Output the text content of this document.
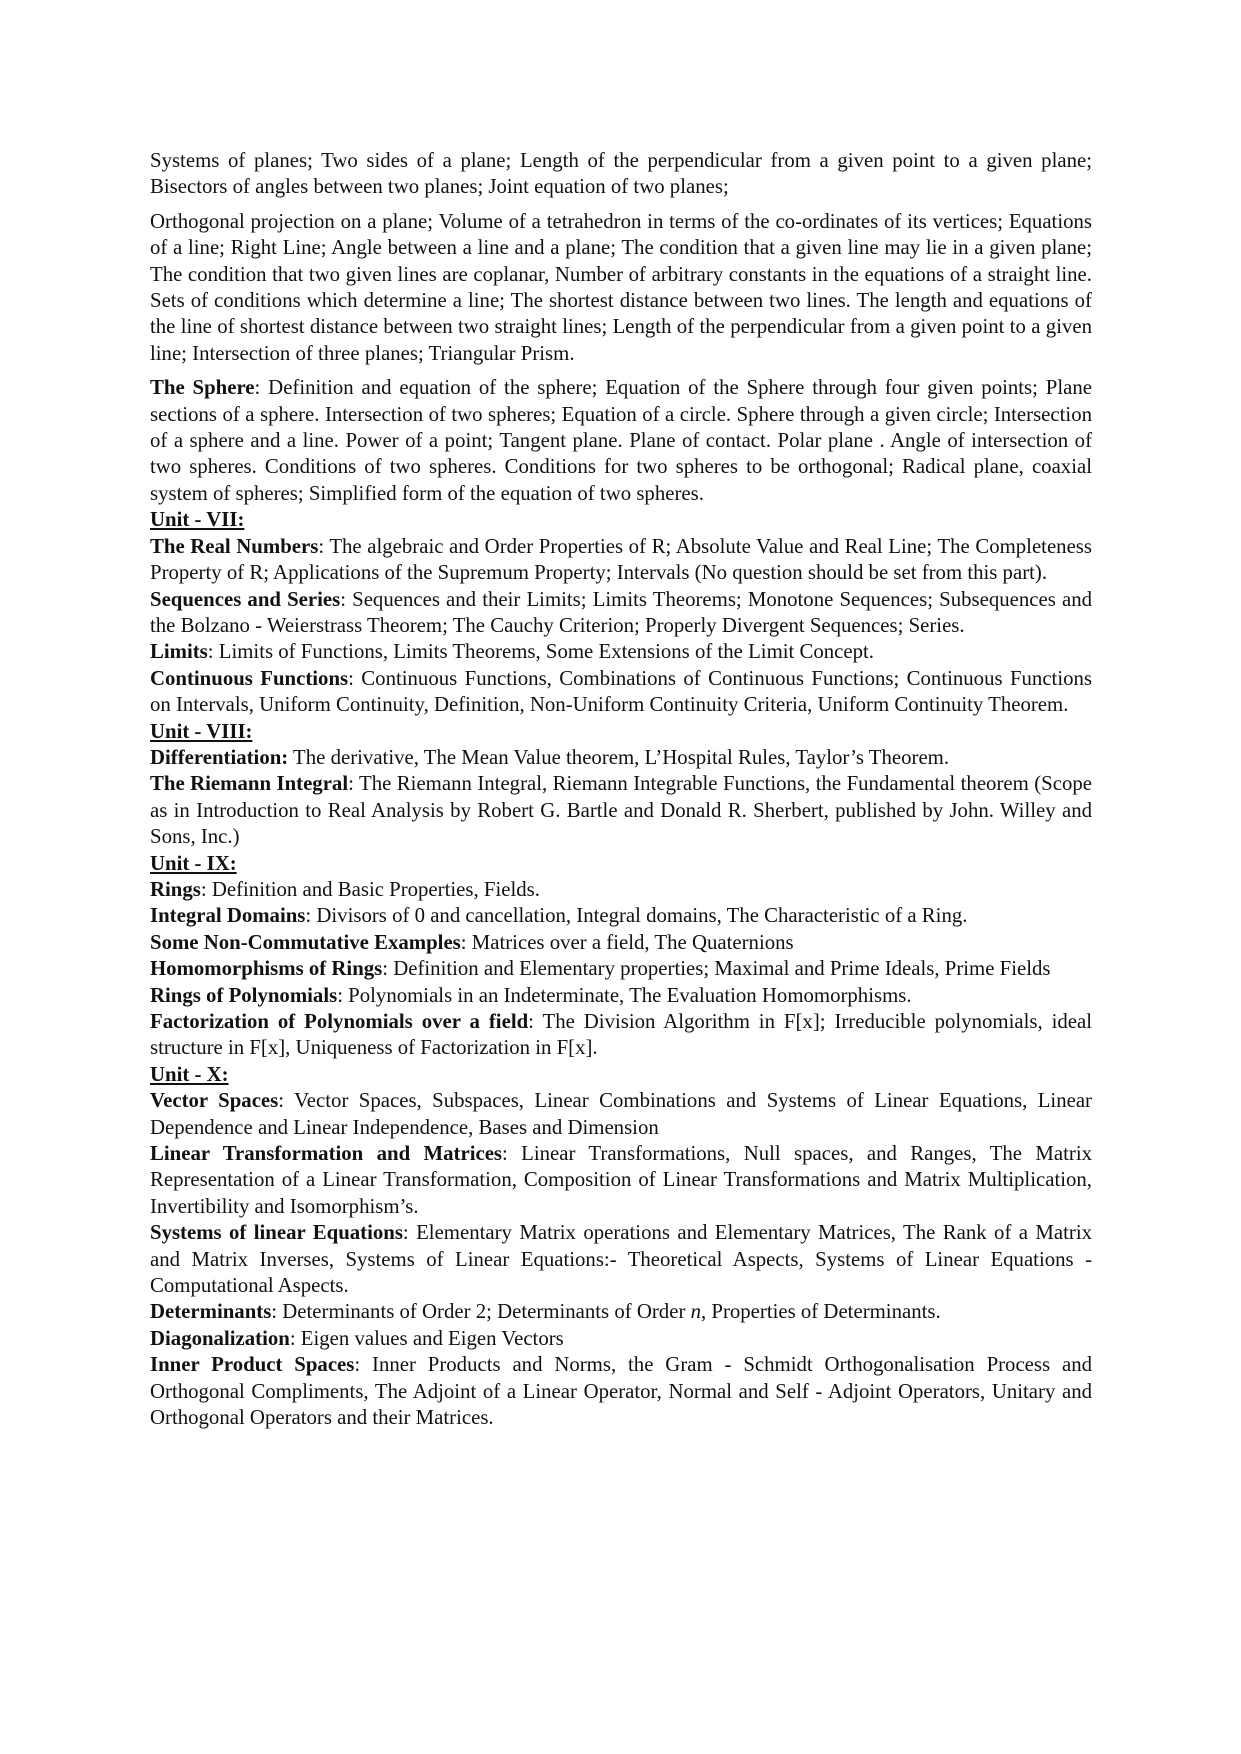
Systems of planes; Two sides of a plane; Length of the perpendicular from a given point to a given plane; Bisectors of angles between two planes; Joint equation of two planes;

Orthogonal projection on a plane; Volume of a tetrahedron in terms of the co-ordinates of its vertices; Equations of a line; Right Line; Angle between a line and a plane; The condition that a given line may lie in a given plane; The condition that two given lines are coplanar, Number of arbitrary constants in the equations of a straight line. Sets of conditions which determine a line; The shortest distance between two lines. The length and equations of the line of shortest distance between two straight lines; Length of the perpendicular from a given point to a given line; Intersection of three planes; Triangular Prism.

The Sphere: Definition and equation of the sphere; Equation of the Sphere through four given points; Plane sections of a sphere. Intersection of two spheres; Equation of a circle. Sphere through a given circle; Intersection of a sphere and a line. Power of a point; Tangent plane. Plane of contact. Polar plane . Angle of intersection of two spheres. Conditions of two spheres. Conditions for two spheres to be orthogonal; Radical plane, coaxial system of spheres; Simplified form of the equation of two spheres.

Unit - VII:

The Real Numbers: The algebraic and Order Properties of R; Absolute Value and Real Line; The Completeness Property of R; Applications of the Supremum Property; Intervals (No question should be set from this part).

Sequences and Series: Sequences and their Limits; Limits Theorems; Monotone Sequences; Subsequences and the Bolzano - Weierstrass Theorem; The Cauchy Criterion; Properly Divergent Sequences; Series.

Limits: Limits of Functions, Limits Theorems, Some Extensions of the Limit Concept.

Continuous Functions: Continuous Functions, Combinations of Continuous Functions; Continuous Functions on Intervals, Uniform Continuity, Definition, Non-Uniform Continuity Criteria, Uniform Continuity Theorem.

Unit - VIII:

Differentiation: The derivative, The Mean Value theorem, L’Hospital Rules, Taylor’s Theorem.

The Riemann Integral: The Riemann Integral, Riemann Integrable Functions, the Fundamental theorem (Scope as in Introduction to Real Analysis by Robert G. Bartle and Donald R. Sherbert, published by John. Willey and Sons, Inc.)

Unit - IX:

Rings: Definition and Basic Properties, Fields.

Integral Domains: Divisors of 0 and cancellation, Integral domains, The Characteristic of a Ring.

Some Non-Commutative Examples: Matrices over a field, The Quaternions

Homomorphisms of Rings: Definition and Elementary properties; Maximal and Prime Ideals, Prime Fields

Rings of Polynomials: Polynomials in an Indeterminate, The Evaluation Homomorphisms.

Factorization of Polynomials over a field: The Division Algorithm in F[x]; Irreducible polynomials, ideal structure in F[x], Uniqueness of Factorization in F[x].

Unit - X:

Vector Spaces: Vector Spaces, Subspaces, Linear Combinations and Systems of Linear Equations, Linear Dependence and Linear Independence, Bases and Dimension

Linear Transformation and Matrices: Linear Transformations, Null spaces, and Ranges, The Matrix Representation of a Linear Transformation, Composition of Linear Transformations and Matrix Multiplication, Invertibility and Isomorphism’s.

Systems of linear Equations: Elementary Matrix operations and Elementary Matrices, The Rank of a Matrix and Matrix Inverses, Systems of Linear Equations:- Theoretical Aspects, Systems of Linear Equations - Computational Aspects.

Determinants: Determinants of Order 2; Determinants of Order n, Properties of Determinants.

Diagonalization: Eigen values and Eigen Vectors

Inner Product Spaces: Inner Products and Norms, the Gram - Schmidt Orthogonalisation Process and Orthogonal Compliments, The Adjoint of a Linear Operator, Normal and Self - Adjoint Operators, Unitary and Orthogonal Operators and their Matrices.
